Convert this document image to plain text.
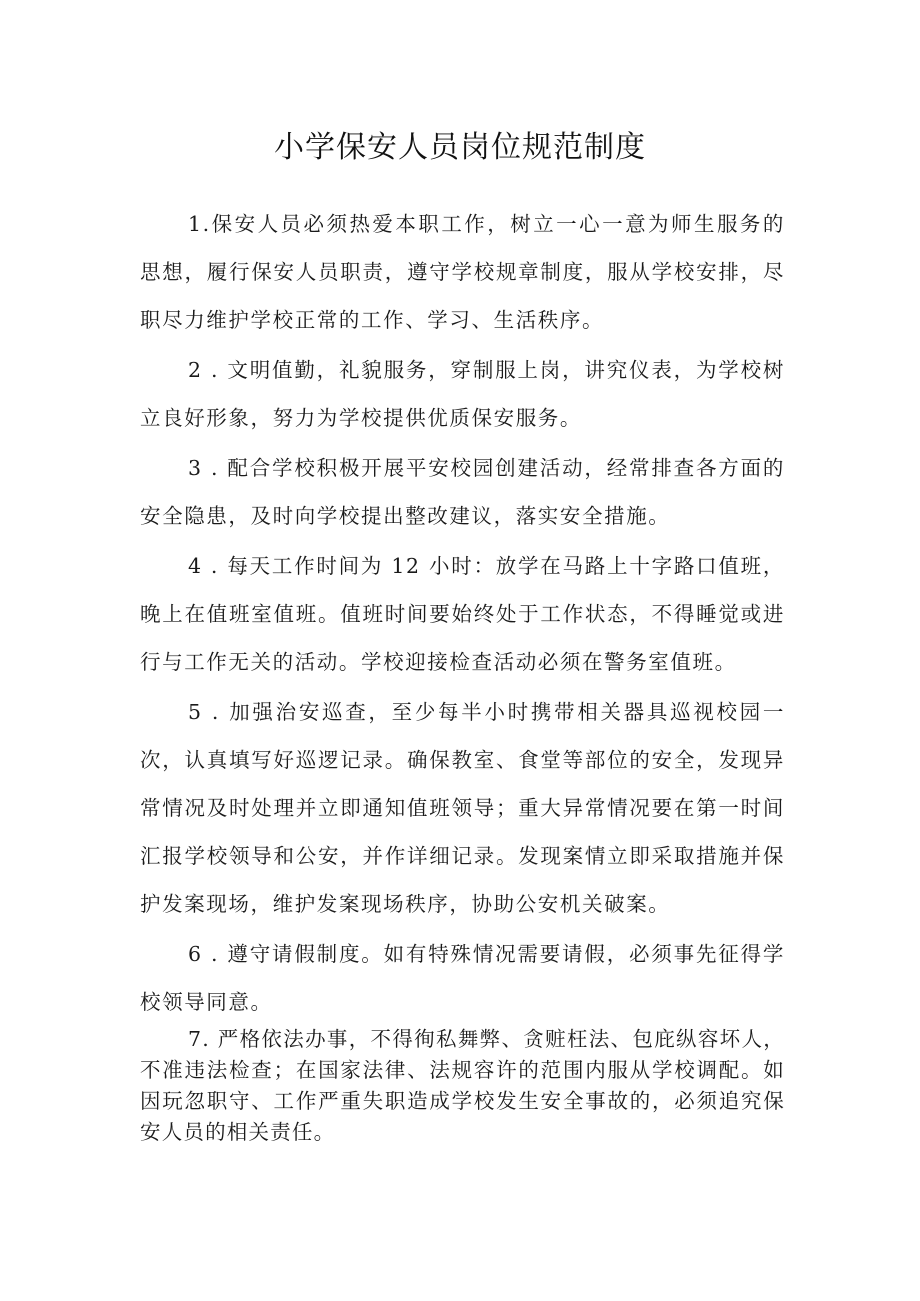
小学保安人员岗位规范制度

1.保安人员必须热爱本职工作，树立一心一意为师生服务的思想，履行保安人员职责，遵守学校规章制度，服从学校安排，尽职尽力维护学校正常的工作、学习、生活秩序。

2 . 文明值勤，礼貌服务，穿制服上岗，讲究仪表，为学校树立良好形象，努力为学校提供优质保安服务。

3 . 配合学校积极开展平安校园创建活动，经常排查各方面的安全隐患，及时向学校提出整改建议，落实安全措施。

4 . 每天工作时间为 12 小时：放学在马路上十字路口值班，晚上在值班室值班。值班时间要始终处于工作状态，不得睡觉或进行与工作无关的活动。学校迎接检查活动必须在警务室值班。

5 . 加强治安巡查，至少每半小时携带相关器具巡视校园一次，认真填写好巡逻记录。确保教室、食堂等部位的安全，发现异常情况及时处理并立即通知值班领导；重大异常情况要在第一时间汇报学校领导和公安，并作详细记录。发现案情立即采取措施并保护发案现场，维护发案现场秩序，协助公安机关破案。

6 . 遵守请假制度。如有特殊情况需要请假，必须事先征得学校领导同意。

7. 严格依法办事，不得徇私舞弊、贪赃枉法、包庇纵容坏人，不准违法检查；在国家法律、法规容许的范围内服从学校调配。如因玩忽职守、工作严重失职造成学校发生安全事故的，必须追究保安人员的相关责任。
